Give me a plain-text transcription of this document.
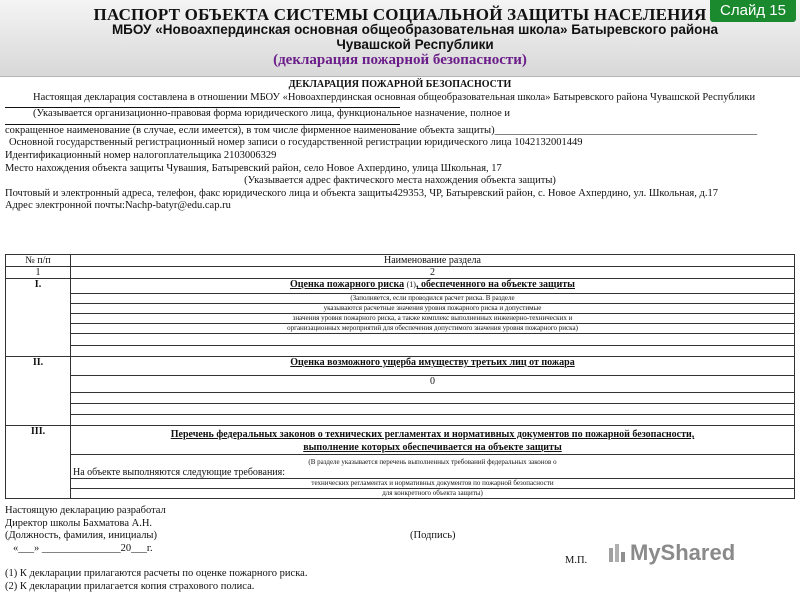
ПАСПОРТ ОБЪЕКТА СИСТЕМЫ СОЦИАЛЬНОЙ ЗАЩИТЫ НАСЕЛЕНИЯ
МБОУ «Новоахпердинская основная общеобразовательная школа» Батыревского района Чувашской Республики
(декларация пожарной безопасности)
Слайд 15
ДЕКЛАРАЦИЯ ПОЖАРНОЙ БЕЗОПАСНОСТИ

Настоящая декларация составлена в отношении МБОУ «Новоахпердинская основная общеобразовательная школа» Батыревского района Чувашской Республики

(Указывается организационно-правовая форма юридического лица, функциональное назначение, полное и

сокращенное наименование (в случае, если имеется), в том числе фирменное наименование объекта защиты)__________________________________________________

Основной государственный регистрационный номер записи о государственной регистрации юридического лица 1042132001449

Идентификационный номер налогоплательщика 2103006329

Место нахождения объекта защиты Чувашия, Батыревский район, село Новое Ахпердино, улица Школьная, 17

(Указывается адрес фактического места нахождения объекта защиты)

Почтовый и электронный адреса, телефон, факс юридического лица и объекта защиты429353, ЧР, Батыревский район, с. Новое Ахпердино, ул. Школьная, д.17

Адрес электронной почты:Nachp-batyr@edu.cap.ru

№ п/п	Наименование раздела
1	2
I.	Оценка пожарного риска (1), обеспеченного на объекте защиты
	(Заполняется, если проводился расчет риска. В разделе
	указываются расчетные значения уровня пожарного риска и допустимые
	значения уровня пожарного риска, а также комплекс выполненных инженерно-технических и
	организационных мероприятий для обеспечения допустимого значения уровня пожарного риска)

II.	Оценка возможного ущерба имуществу третьих лиц от пожара
	0

III.	Перечень федеральных законов о технических регламентах и нормативных документов по пожарной безопасности,
выполнение которых обеспечивается на объекте защиты

	(В разделе указывается перечень выполненных требований федеральных законов о
На объекте выполняются следующие требования:

	технических регламентах и нормативных документов по пожарной безопасности
	для конкретного объекта защиты)
Настоящую декларацию разработал
Директор школы Бахматова А.Н.
(Должность, фамилия, инициалы)	(Подпись)
«___» _______________20___г.
М.П.
(1) К декларации прилагаются расчеты по оценке пожарного риска.
(2) К декларации прилагается копия страхового полиса.
MyShared
